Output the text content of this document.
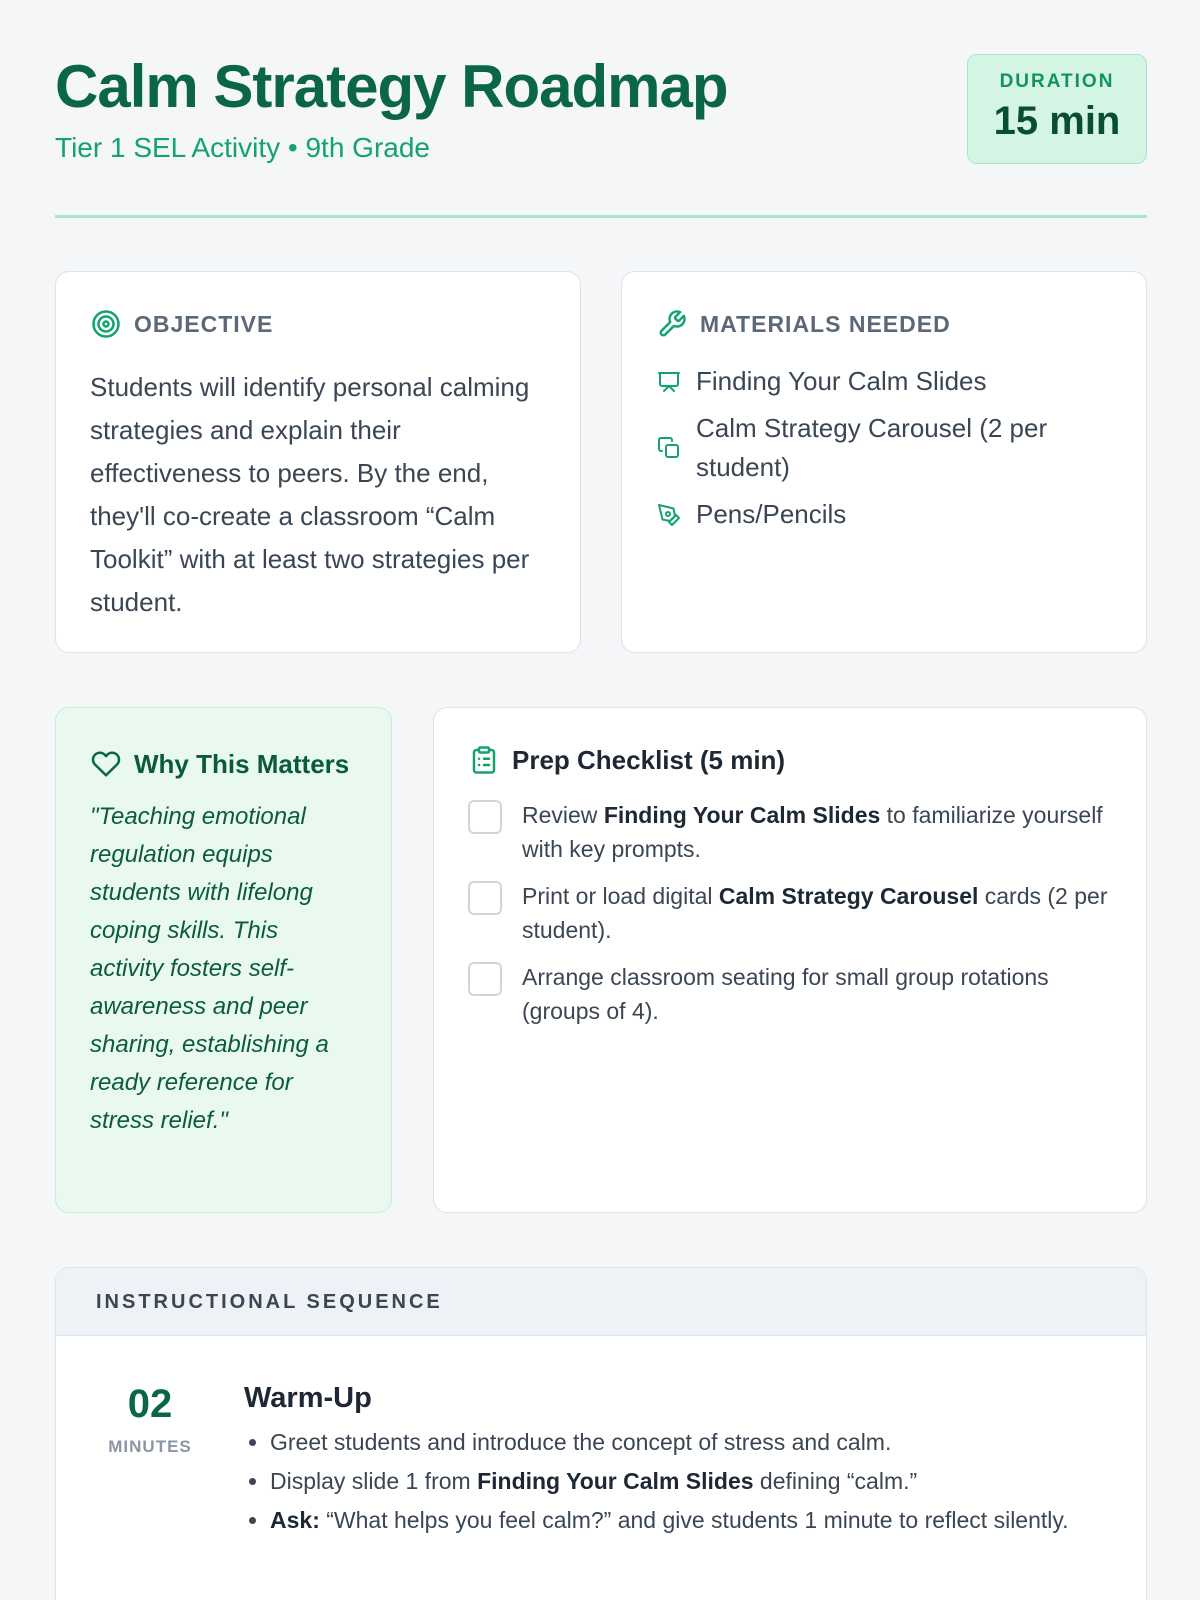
Calm Strategy Roadmap
Tier 1 SEL Activity • 9th Grade
DURATION
15 min
OBJECTIVE
Students will identify personal calming strategies and explain their effectiveness to peers. By the end, they'll co-create a classroom “Calm Toolkit” with at least two strategies per student.
MATERIALS NEEDED
Finding Your Calm Slides
Calm Strategy Carousel (2 per student)
Pens/Pencils
Why This Matters
"Teaching emotional regulation equips students with lifelong coping skills. This activity fosters self-awareness and peer sharing, establishing a ready reference for stress relief."
Prep Checklist (5 min)
Review Finding Your Calm Slides to familiarize yourself with key prompts.
Print or load digital Calm Strategy Carousel cards (2 per student).
Arrange classroom seating for small group rotations (groups of 4).
INSTRUCTIONAL SEQUENCE
02
MINUTES
Warm-Up
• Greet students and introduce the concept of stress and calm.
• Display slide 1 from Finding Your Calm Slides defining “calm.”
• Ask: “What helps you feel calm?” and give students 1 minute to reflect silently.
